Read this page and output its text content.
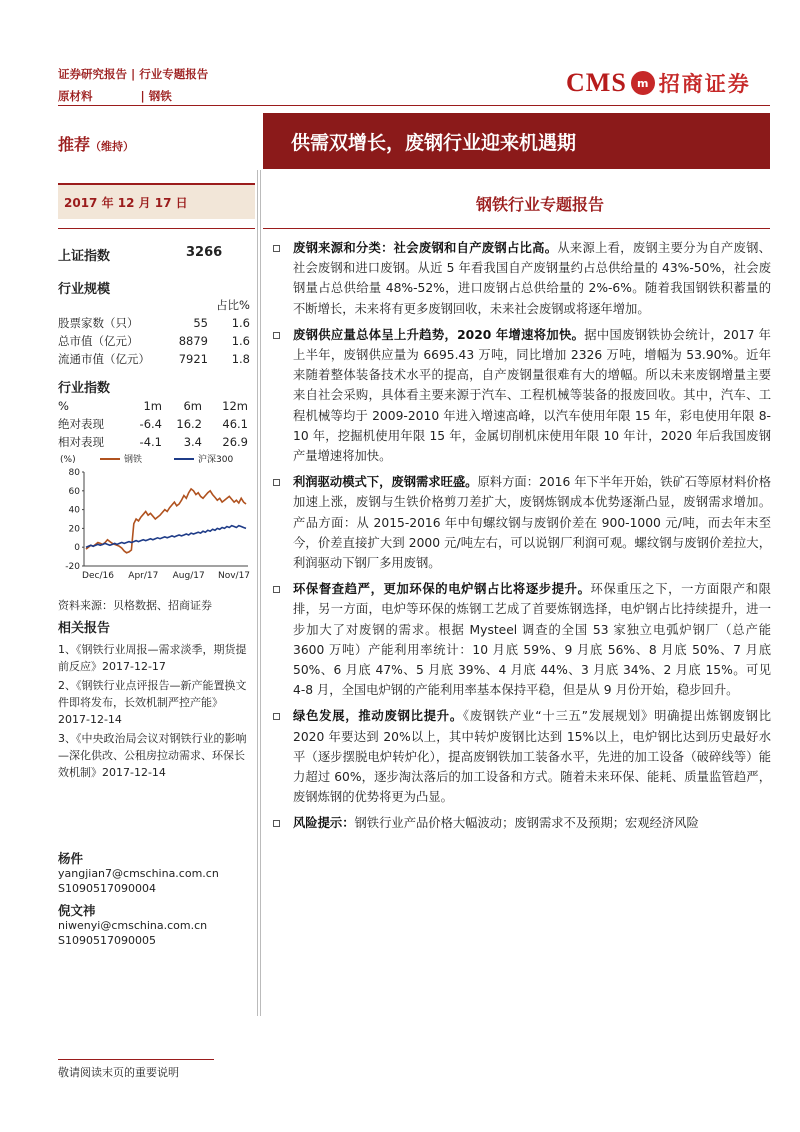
证券研究报告 | 行业专题报告
原材料	| 钢铁	CMS m 招商证券
推荐（维持）	供需双增长，废钢行业迎来机遇期
2017 年 12 月 17 日	钢铁行业专题报告
上证指数	3266
行业规模
		占比%
股票家数（只）	55	1.6
总市值（亿元）	8879	1.6
流通市值（亿元）	7921	1.8
行业指数
%	1m	6m	12m
绝对表现	-6.4	16.2	46.1
相对表现	-4.1	3.4	26.9
(%)	钢铁	沪深300
80
60
40
20
0
-20
Dec/16 Apr/17 Aug/17 Nov/17
资料来源：贝格数据、招商证券
相关报告

1、《钢铁行业周报—需求淡季，期货提前反应》2017-12-17

2、《钢铁行业点评报告—新产能置换文件即将发布，长效机制严控产能》2017-12-14

3、《中央政治局会议对钢铁行业的影响—深化供改、公租房拉动需求、环保长效机制》2017-12-14

杨件
yangjian7@cmschina.com.cn
S1090517090004
倪文祎
niwenyi@cmschina.com.cn
S1090517090005
废钢来源和分类：社会废钢和自产废钢占比高。从来源上看，废钢主要分为自产废钢、社会废钢和进口废钢。从近 5 年看我国自产废钢量约占总供给量的 43%-50%，社会废钢量占总供给量 48%-52%，进口废钢占总供给量的 2%-6%。随着我国钢铁积蓄量的不断增长，未来将有更多废钢回收，未来社会废钢或将逐年增加。
废钢供应量总体呈上升趋势，2020 年增速将加快。据中国废钢铁协会统计，2017 年上半年，废钢供应量为 6695.43 万吨，同比增加 2326 万吨，增幅为 53.90%。近年来随着整体装备技术水平的提高，自产废钢量很难有大的增幅。所以未来废钢增量主要来自社会采购，具体看主要来源于汽车、工程机械等装备的报废回收。其中，汽车、工程机械等均于 2009-2010 年进入增速高峰，以汽车使用年限 15 年，彩电使用年限 8-10 年，挖掘机使用年限 15 年，金属切削机床使用年限 10 年计，2020 年后我国废钢产量增速将加快。
利润驱动模式下，废钢需求旺盛。原料方面：2016 年下半年开始，铁矿石等原材料价格加速上涨，废钢与生铁价格剪刀差扩大，废钢炼钢成本优势逐渐凸显，废钢需求增加。产品方面：从 2015-2016 年中旬螺纹钢与废钢价差在 900-1000 元/吨，而去年末至今，价差直接扩大到 2000 元/吨左右，可以说钢厂利润可观。螺纹钢与废钢价差拉大，利润驱动下钢厂多用废钢。
环保督查趋严，更加环保的电炉钢占比将逐步提升。环保重压之下，一方面限产和限排，另一方面，电炉等环保的炼钢工艺成了首要炼钢选择，电炉钢占比持续提升，进一步加大了对废钢的需求。根据 Mysteel 调查的全国 53 家独立电弧炉钢厂（总产能 3600 万吨）产能利用率统计：10 月底 59%、9 月底 56%、8 月底 50%、7 月底 50%、6 月底 47%、5 月底 39%、4 月底 44%、3 月底 34%、2 月底 15%。可见 4-8 月，全国电炉钢的产能利用率基本保持平稳，但是从 9 月份开始，稳步回升。
绿色发展，推动废钢比提升。《废钢铁产业“十三五”发展规划》明确提出炼钢废钢比 2020 年要达到 20%以上，其中转炉废钢比达到 15%以上，电炉钢比达到历史最好水平（逐步摆脱电炉转炉化），提高废钢铁加工装备水平，先进的加工设备（破碎线等）能力超过 60%，逐步淘汰落后的加工设备和方式。随着未来环保、能耗、质量监管趋严，废钢炼钢的优势将更为凸显。
风险提示：钢铁行业产品价格大幅波动；废钢需求不及预期；宏观经济风险
敬请阅读末页的重要说明
